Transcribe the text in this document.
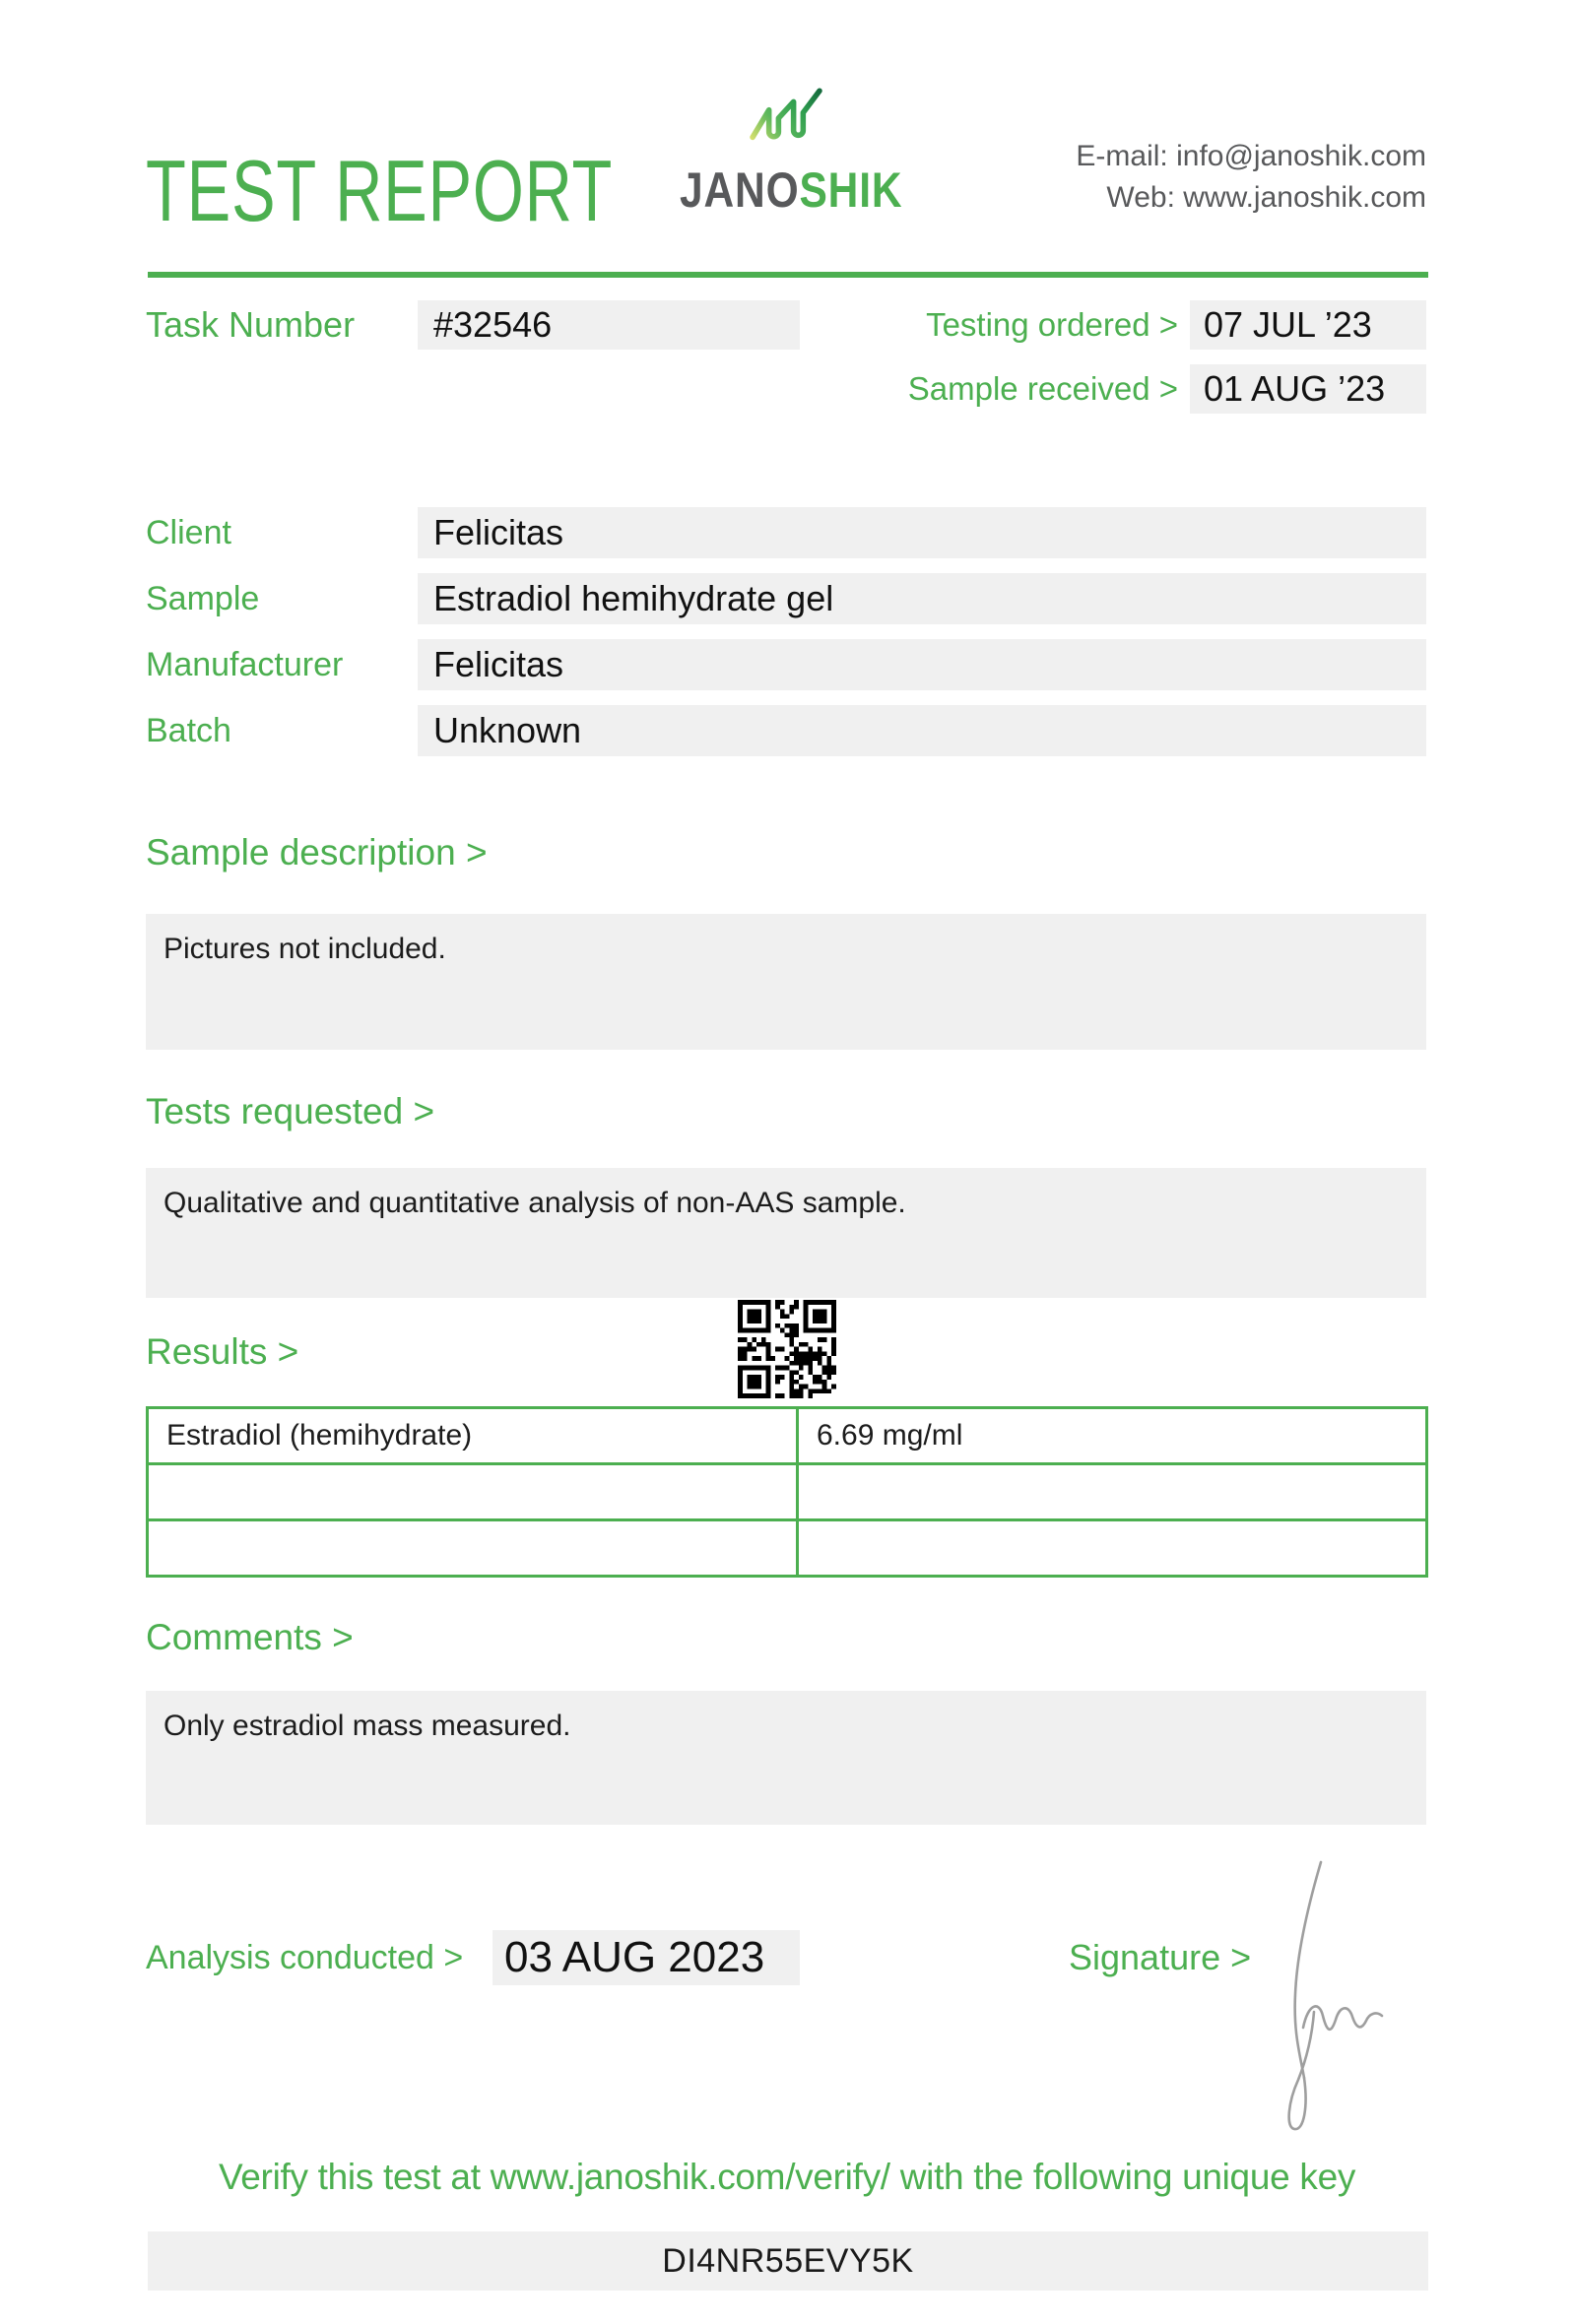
TEST REPORT	JANOSHIK
E-mail: info@janoshik.com
Web: www.janoshik.com
Task Number	#32546	Testing ordered > 07 JUL ’23
Sample received > 01 AUG ’23
Client	Felicitas
Sample	Estradiol hemihydrate gel
Manufacturer	Felicitas
Batch	Unknown
Sample description >
Pictures not included.
Tests requested >
Qualitative and quantitative analysis of non-AAS sample.
Results >
Estradiol (hemihydrate)	6.69 mg/ml

Comments >
Only estradiol mass measured.
Analysis conducted > 03 AUG 2023	Signature >
Verify this test at www.janoshik.com/verify/ with the following unique key
DI4NR55EVY5K
